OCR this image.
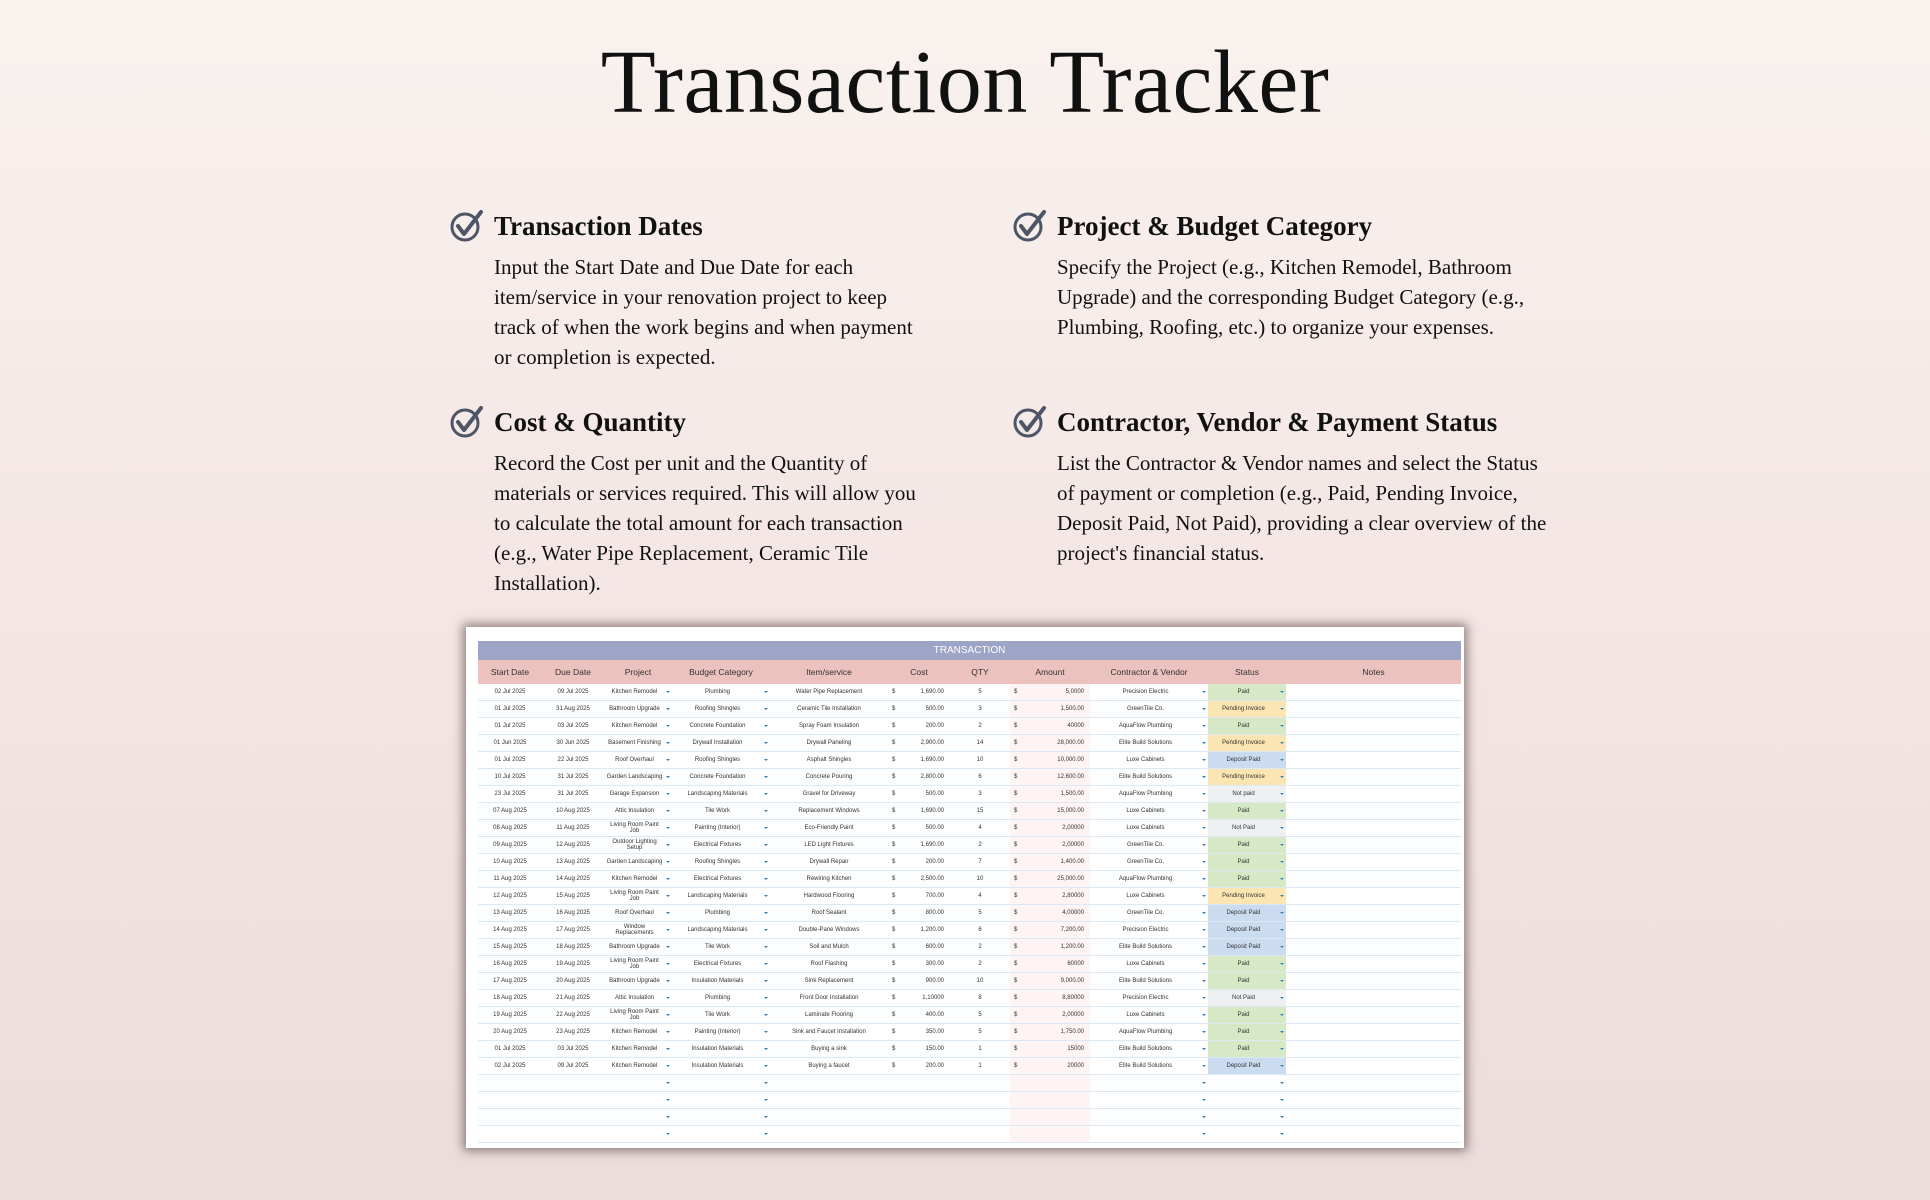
Transaction Tracker
Transaction Dates

Input the Start Date and Due Date for each item/service in your renovation project to keep track of when the work begins and when payment or completion is expected.

Project & Budget Category

Specify the Project (e.g., Kitchen Remodel, Bathroom Upgrade) and the corresponding Budget Category (e.g., Plumbing, Roofing, etc.) to organize your expenses.

Cost & Quantity

Record the Cost per unit and the Quantity of materials or services required. This will allow you to calculate the total amount for each transaction (e.g., Water Pipe Replacement, Ceramic Tile Installation).

Contractor, Vendor & Payment Status

List the Contractor & Vendor names and select the Status of payment or completion (e.g., Paid, Pending Invoice, Deposit Paid, Not Paid), providing a clear overview of the project's financial status.

TRANSACTION
Start Date	Due Date	Project	Budget Category	Item/service	Cost	QTY	Amount	Contractor & Vendor	Status	Notes
02 Jul 2025	09 Jul 2025	Kitchen Remodel	Plumbing	Water Pipe Replacement	$ 1,690.00	5	$ 5,0000	Precision Electric	Paid	
01 Jul 2025	31 Aug 2025	Bathroom Upgrade	Roofing Shingles	Ceramic Tile Installation	$ 500.00	3	$ 1,500.00	GreenTile Co.	Pending Invoice	
01 Jul 2025	03 Jul 2025	Kitchen Remodel	Concrete Foundation	Spray Foam Insulation	$ 200.00	2	$ 40000	AquaFlow Plumbing	Paid	
01 Jun 2025	30 Jun 2025	Basement Finishing	Drywall Installation	Drywall Paneling	$ 2,900.00	14	$ 28,000.00	Elite Build Solutions	Pending Invoice	
01 Jul 2025	22 Jul 2025	Roof Overhaul	Roofing Shingles	Asphalt Shingles	$ 1,690.00	10	$ 10,000.00	Luxe Cabinets	Deposit Paid	
10 Jul 2025	31 Jul 2025	Garden Landscaping	Concrete Foundation	Concrete Pouring	$ 2,800.00	6	$ 12,600.00	Elite Build Solutions	Pending Invoice	
23 Jul 2025	31 Jul 2025	Garage Expansion	Landscaping Materials	Gravel for Driveway	$ 500.00	3	$ 1,500.00	AquaFlow Plumbing	Not paid	
07 Aug 2025	10 Aug 2025	Attic Insulation	Tile Work	Replacement Windows	$ 1,690.00	15	$ 15,000.00	Luxe Cabinets	Paid	
08 Aug 2025	11 Aug 2025	Living Room Paint Job	Painting (Interior)	Eco-Friendly Paint	$ 500.00	4	$ 2,00000	Luxe Cabinets	Not Paid	
09 Aug 2025	12 Aug 2025	Outdoor Lighting Setup	Electrical Fixtures	LED Light Fixtures	$ 1,690.00	2	$ 2,00000	GreenTile Co.	Paid	
10 Aug 2025	13 Aug 2025	Garden Landscaping	Roofing Shingles	Drywall Repair	$ 200.00	7	$ 1,400.00	GreenTile Co.	Paid	
11 Aug 2025	14 Aug 2025	Kitchen Remodel	Electrical Fixtures	Rewiring Kitchen	$ 2,500.00	10	$ 25,000.00	AquaFlow Plumbing	Paid	
12 Aug 2025	15 Aug 2025	Living Room Paint Job	Landscaping Materials	Hardwood Flooring	$ 700.00	4	$ 2,80000	Luxe Cabinets	Pending Invoice	
13 Aug 2025	16 Aug 2025	Roof Overhaul	Plumbing	Roof Sealant	$ 800.00	5	$ 4,00000	GreenTile Co.	Deposit Paid	
14 Aug 2025	17 Aug 2025	Window Replacements	Landscaping Materials	Double-Pane Windows	$ 1,200.00	6	$ 7,200.00	Precision Electric	Deposit Paid	
15 Aug 2025	18 Aug 2025	Bathroom Upgrade	Tile Work	Soil and Mulch	$ 600.00	2	$ 1,200.00	Elite Build Solutions	Deposit Paid	
16 Aug 2025	19 Aug 2025	Living Room Paint Job	Electrical Fixtures	Roof Flashing	$ 300.00	2	$ 60000	Luxe Cabinets	Paid	
17 Aug 2025	20 Aug 2025	Bathroom Upgrade	Insulation Materials	Sink Replacement	$ 900.00	10	$ 9,000.00	Elite Build Solutions	Paid	
18 Aug 2025	21 Aug 2025	Attic Insulation	Plumbing	Front Door Installation	$ 1,10000	8	$ 8,80000	Precision Electric	Not Paid	
19 Aug 2025	22 Aug 2025	Living Room Paint Job	Tile Work	Laminate Flooring	$ 400.00	5	$ 2,00000	Luxe Cabinets	Paid	
20 Aug 2025	23 Aug 2025	Kitchen Remodel	Painting (Interior)	Sink and Faucet Installation	$ 350.00	5	$ 1,750.00	AquaFlow Plumbing	Paid	
01 Jul 2025	03 Jul 2025	Kitchen Remodel	Insulation Materials	Buying a sink	$ 150.00	1	$ 15000	Elite Build Solutions	Paid	
02 Jul 2025	09 Jul 2025	Kitchen Remodel	Insulation Materials	Buying a faucet	$ 200.00	1	$ 20000	Elite Build Solutions	Deposit Paid	
